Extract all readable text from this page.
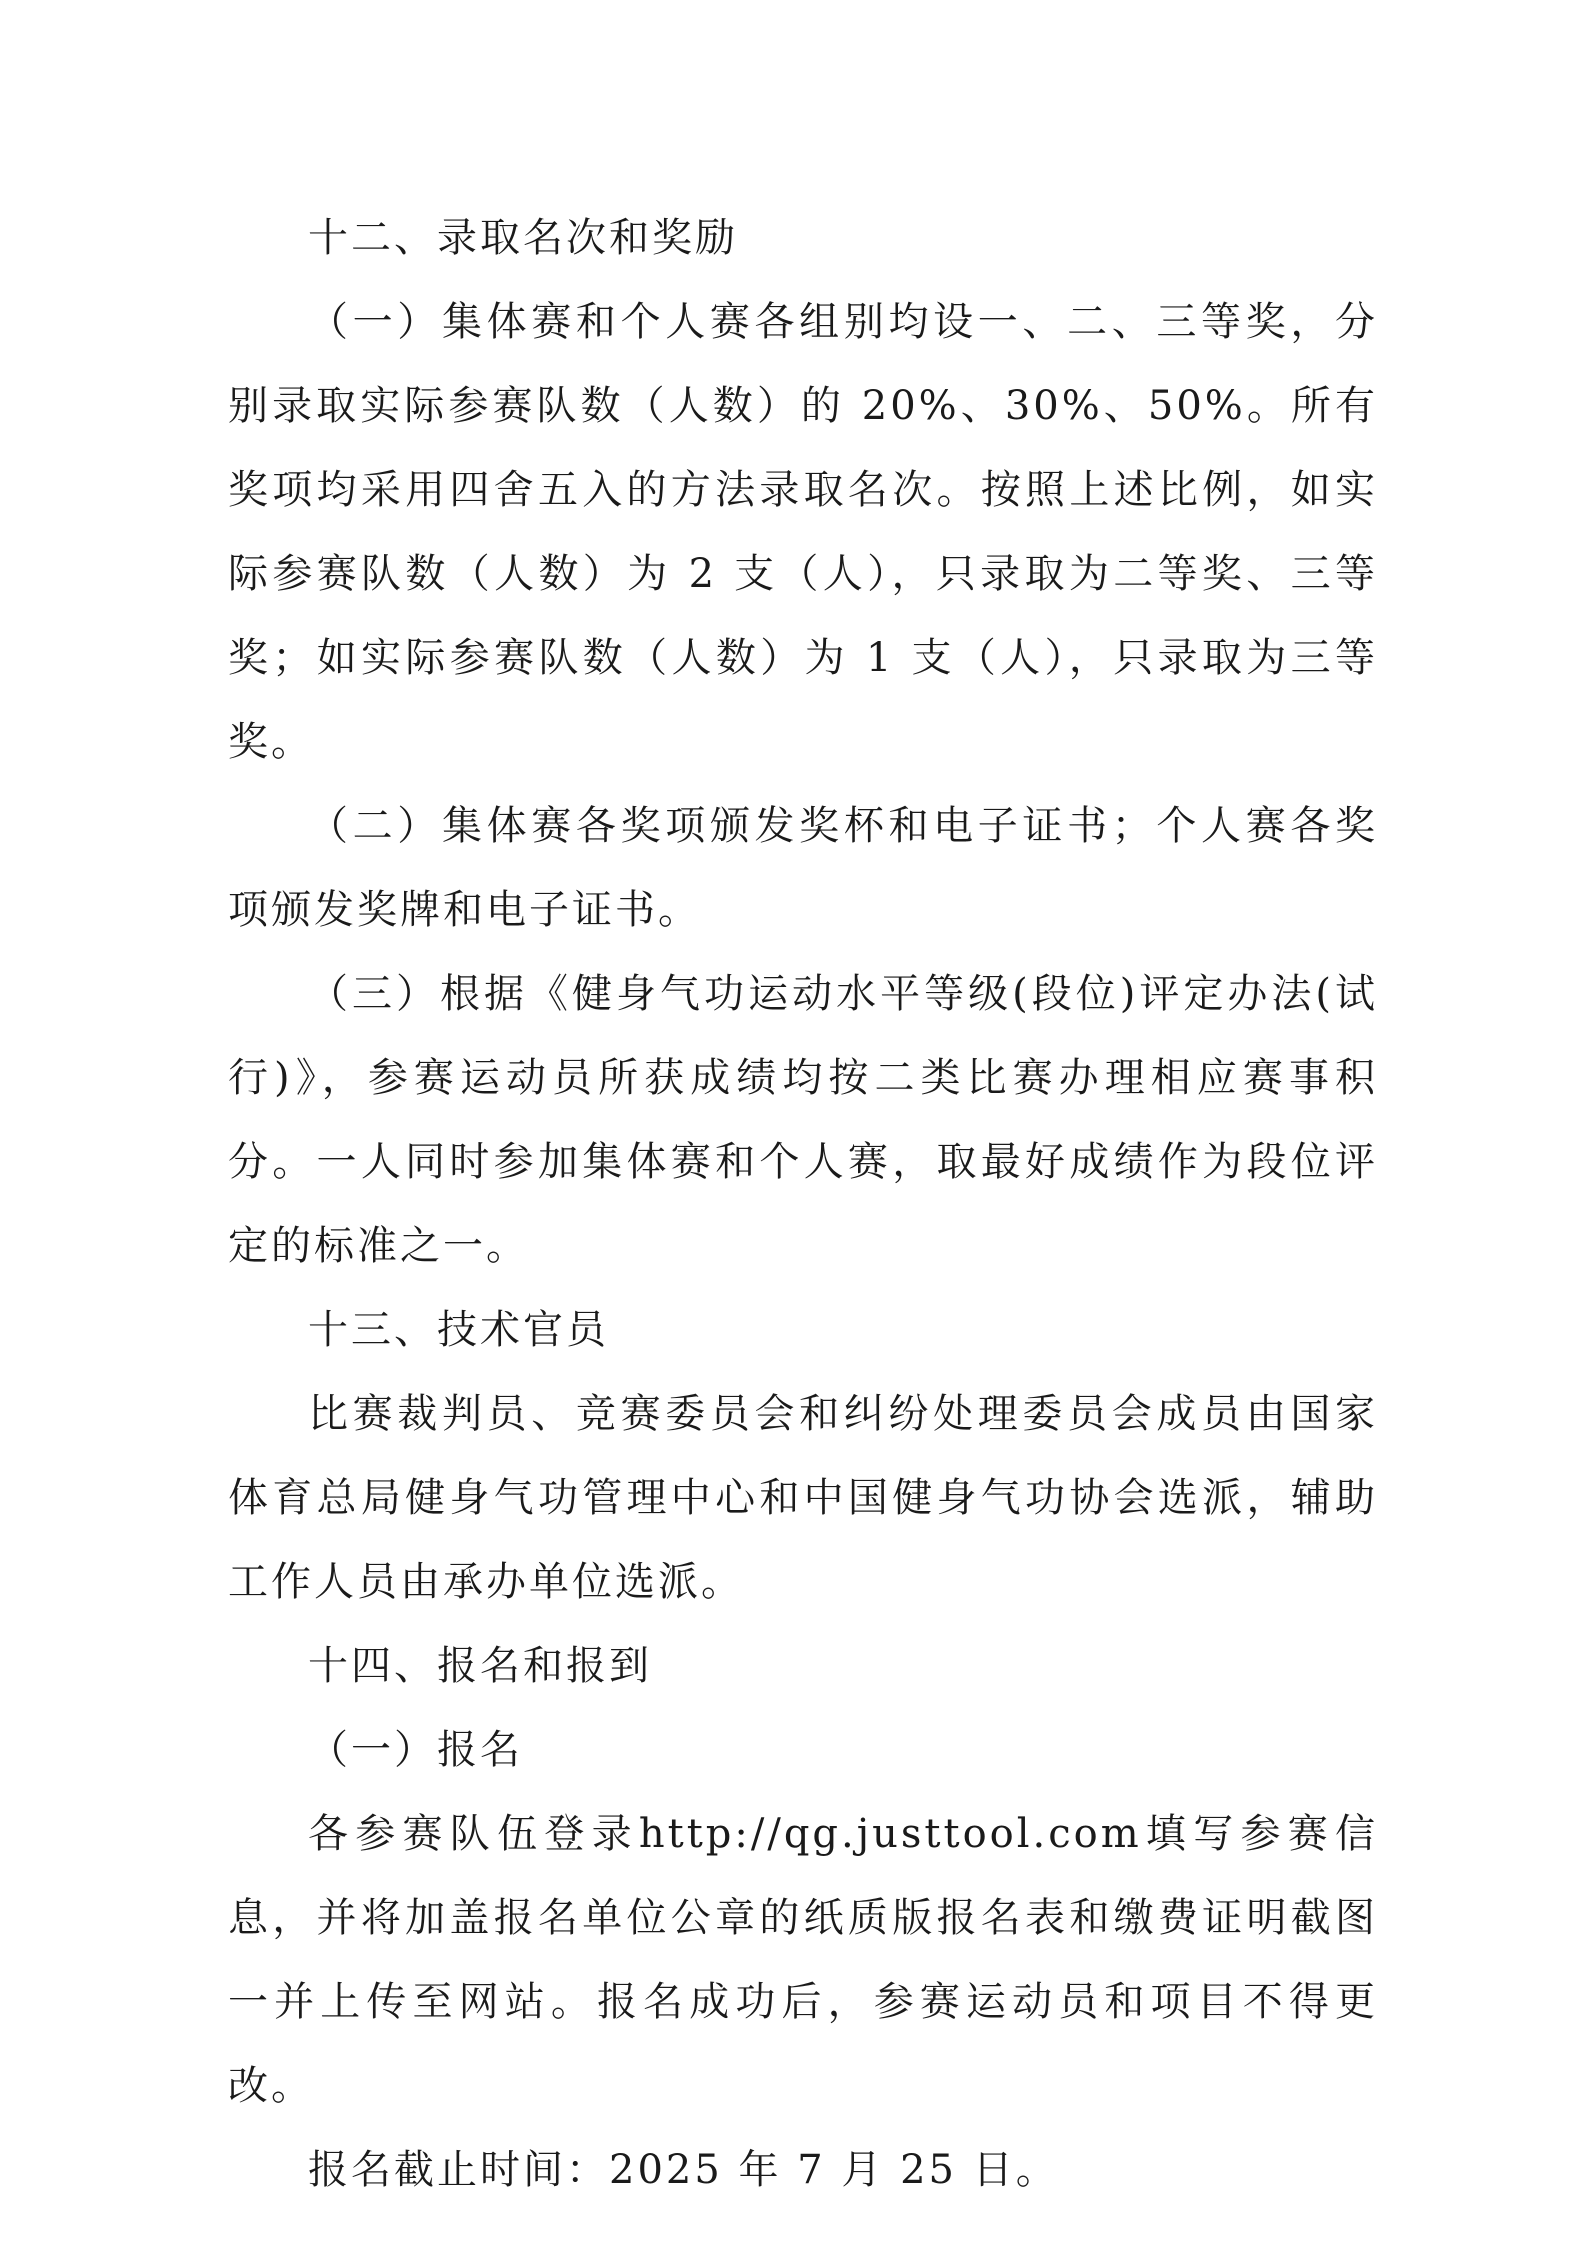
十二、录取名次和奖励

（一）集体赛和个人赛各组别均设一、二、三等奖，分别录取实际参赛队数（人数）的 20%、30%、50%。所有奖项均采用四舍五入的方法录取名次。按照上述比例，如实际参赛队数（人数）为 2 支（人），只录取为二等奖、三等奖；如实际参赛队数（人数）为 1 支（人），只录取为三等奖。

（二）集体赛各奖项颁发奖杯和电子证书；个人赛各奖项颁发奖牌和电子证书。

（三）根据《健身气功运动水平等级(段位)评定办法(试行)》，参赛运动员所获成绩均按二类比赛办理相应赛事积分。一人同时参加集体赛和个人赛，取最好成绩作为段位评定的标准之一。

十三、技术官员

比赛裁判员、竞赛委员会和纠纷处理委员会成员由国家体育总局健身气功管理中心和中国健身气功协会选派，辅助工作人员由承办单位选派。

十四、报名和报到

（一）报名

各参赛队伍登录http://qg.justtool.com填写参赛信息，并将加盖报名单位公章的纸质版报名表和缴费证明截图一并上传至网站。报名成功后，参赛运动员和项目不得更改。

报名截止时间：2025 年 7 月 25 日。
